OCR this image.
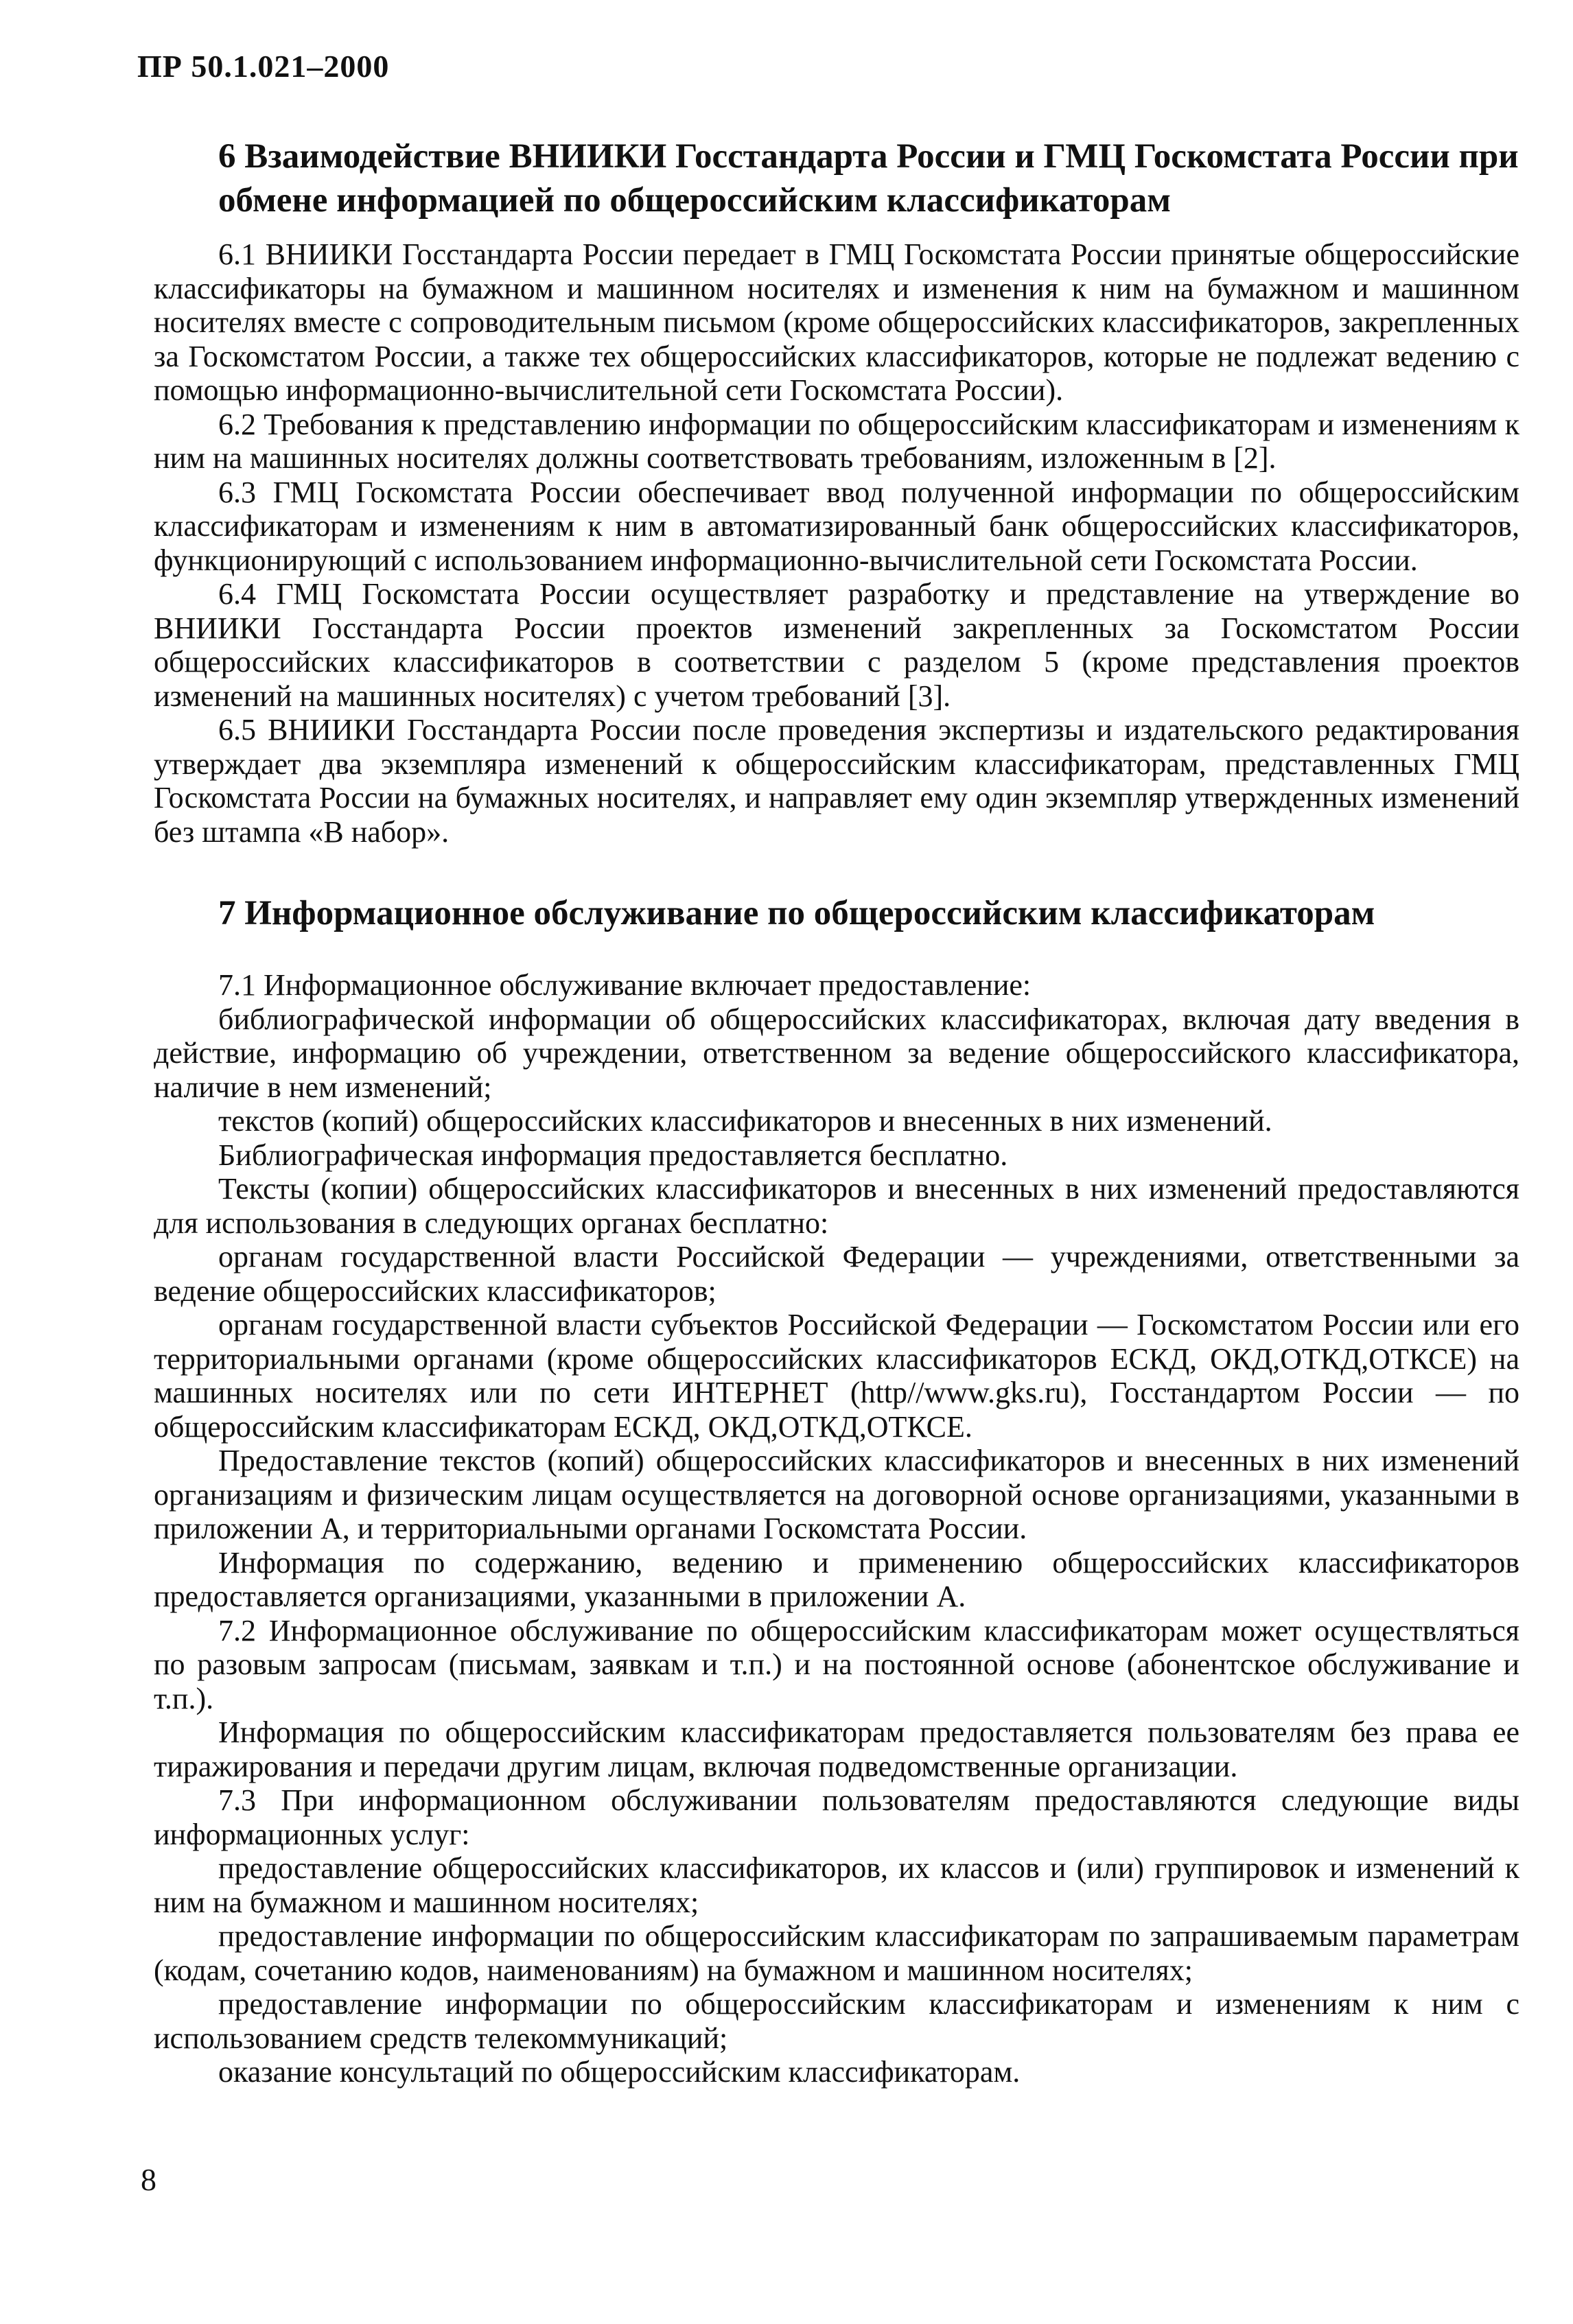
ПР 50.1.021–2000
6 Взаимодействие ВНИИКИ Госстандарта России и ГМЦ Госкомстата России при обмене информацией по общероссийским классификаторам

6.1 ВНИИКИ Госстандарта России передает в ГМЦ Госкомстата России принятые общероссийские классификаторы на бумажном и машинном носителях и изменения к ним на бумажном и машинном носителях вместе с сопроводительным письмом (кроме общероссийских классификаторов, закрепленных за Госкомстатом России, а также тех общероссийских классификаторов, которые не подлежат ведению с помощью информационно-вычислительной сети Госкомстата России).

6.2 Требования к представлению информации по общероссийским классификаторам и изменениям к ним на машинных носителях должны соответствовать требованиям, изложенным в [2].

6.3 ГМЦ Госкомстата России обеспечивает ввод полученной информации по общероссийским классификаторам и изменениям к ним в автоматизированный банк общероссийских классификаторов, функционирующий с использованием информационно-вычислительной сети Госкомстата России.

6.4 ГМЦ Госкомстата России осуществляет разработку и представление на утверждение во ВНИИКИ Госстандарта России проектов изменений закрепленных за Госкомстатом России общероссийских классификаторов в соответствии с разделом 5 (кроме представления проектов изменений на машинных носителях) с учетом требований [3].

6.5 ВНИИКИ Госстандарта России после проведения экспертизы и издательского редактирования утверждает два экземпляра изменений к общероссийским классификаторам, представленных ГМЦ Госкомстата России на бумажных носителях, и направляет ему один экземпляр утвержденных изменений без штампа «В набор».

7 Информационное обслуживание по общероссийским классификаторам

7.1 Информационное обслуживание включает предоставление:

библиографической информации об общероссийских классификаторах, включая дату введения в действие, информацию об учреждении, ответственном за ведение общероссийского классификатора, наличие в нем изменений;

текстов (копий) общероссийских классификаторов и внесенных в них изменений.

Библиографическая информация предоставляется бесплатно.

Тексты (копии) общероссийских классификаторов и внесенных в них изменений предоставляются для использования в следующих органах бесплатно:

органам государственной власти Российской Федерации — учреждениями, ответственными за ведение общероссийских классификаторов;

органам государственной власти субъектов Российской Федерации — Госкомстатом России или его территориальными органами (кроме общероссийских классификаторов ЕСКД, ОКД,ОТКД,ОТКСЕ) на машинных носителях или по сети ИНТЕРНЕТ (http//www.gks.ru), Госстандартом России — по общероссийским классификаторам ЕСКД, ОКД,ОТКД,ОТКСЕ.

Предоставление текстов (копий) общероссийских классификаторов и внесенных в них изменений организациям и физическим лицам осуществляется на договорной основе организациями, указанными в приложении А, и территориальными органами Госкомстата России.

Информация по содержанию, ведению и применению общероссийских классификаторов предоставляется организациями, указанными в приложении А.

7.2 Информационное обслуживание по общероссийским классификаторам может осуществляться по разовым запросам (письмам, заявкам и т.п.) и на постоянной основе (абонентское обслуживание и т.п.).

Информация по общероссийским классификаторам предоставляется пользователям без права ее тиражирования и передачи другим лицам, включая подведомственные организации.

7.3 При информационном обслуживании пользователям предоставляются следующие виды информационных услуг:

предоставление общероссийских классификаторов, их классов и (или) группировок и изменений к ним на бумажном и машинном носителях;

предоставление информации по общероссийским классификаторам по запрашиваемым параметрам (кодам, сочетанию кодов, наименованиям) на бумажном и машинном носителях;

предоставление информации по общероссийским классификаторам и изменениям к ним с использованием средств телекоммуникаций;

оказание консультаций по общероссийским классификаторам.

8
